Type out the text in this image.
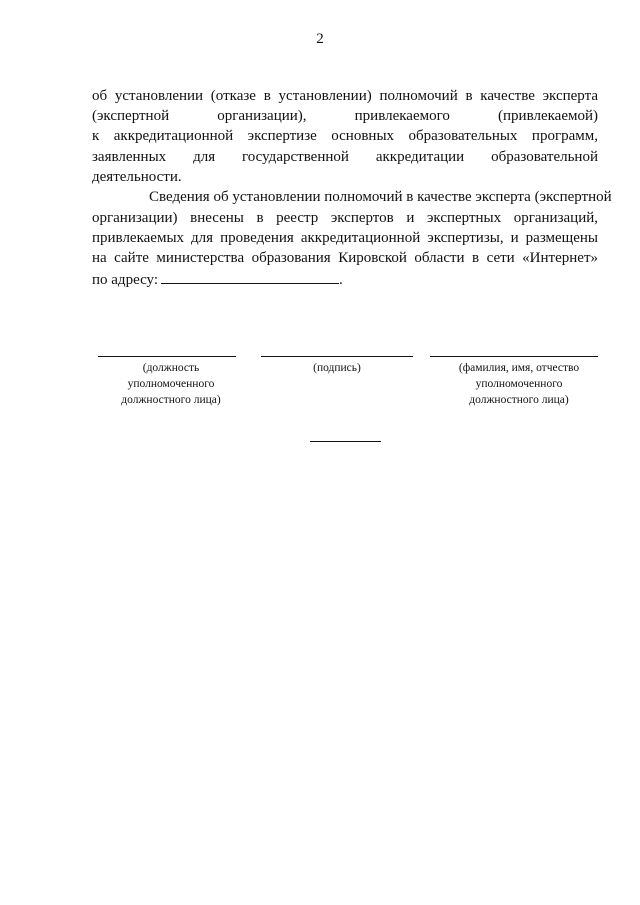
2
об установлении (отказе в установлении) полномочий в качестве эксперта
(экспертной организации), привлекаемого (привлекаемой)
к аккредитационной экспертизе основных образовательных программ,
заявленных для государственной аккредитации образовательной
деятельности.
Сведения об установлении полномочий в качестве эксперта (экспертной
организации) внесены в реестр экспертов и экспертных организаций,
привлекаемых для проведения аккредитационной экспертизы, и размещены
на сайте министерства образования Кировской области в сети «Интернет»
по адресу:	.
(должность
уполномоченного
должностного лица)
(подпись)	(фамилия, имя, отчество
уполномоченного
должностного лица)
